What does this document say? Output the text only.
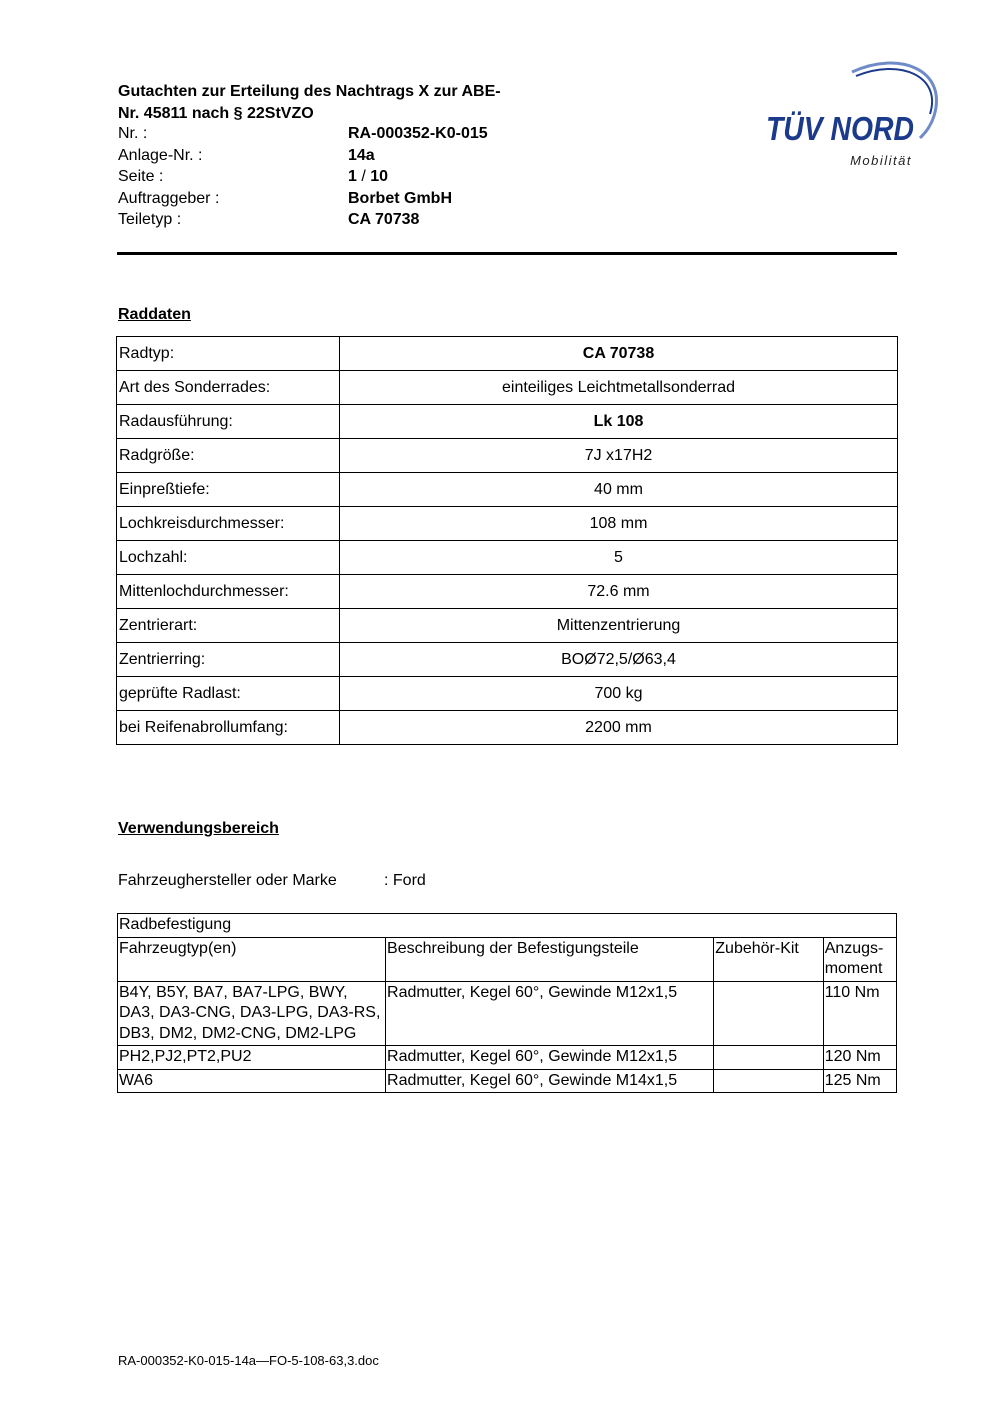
Gutachten zur Erteilung des Nachtrags X zur ABE-
Nr. 45811 nach § 22StVZO
Nr. :	RA-000352-K0-015
Anlage-Nr. :	14a
Seite :	1 / 10
Auftraggeber :	Borbet GmbH
Teiletyp :	CA 70738
TÜV NORD
Mobilität
Raddaten
Radtyp:	CA 70738
Art des Sonderrades:	einteiliges Leichtmetallsonderrad
Radausführung:	Lk 108
Radgröße:	7J x17H2
Einpreßtiefe:	40 mm
Lochkreisdurchmesser:	108 mm
Lochzahl:	5
Mittenlochdurchmesser:	72.6 mm
Zentrierart:	Mittenzentrierung
Zentrierring:	BOØ72,5/Ø63,4
geprüfte Radlast:	700 kg
bei Reifenabrollumfang:	2200 mm
Verwendungsbereich
Fahrzeughersteller oder Marke	: Ford
Radbefestigung			
Fahrzeugtyp(en)	Beschreibung der Befestigungsteile	Zubehör-Kit	Anzugs-moment
B4Y, B5Y, BA7, BA7-LPG, BWY, DA3, DA3-CNG, DA3-LPG, DA3-RS, DB3, DM2, DM2-CNG, DM2-LPG	Radmutter, Kegel 60°, Gewinde M12x1,5		110 Nm
PH2,PJ2,PT2,PU2	Radmutter, Kegel 60°, Gewinde M12x1,5		120 Nm
WA6	Radmutter, Kegel 60°, Gewinde M14x1,5		125 Nm
RA-000352-K0-015-14a—FO-5-108-63,3.doc
